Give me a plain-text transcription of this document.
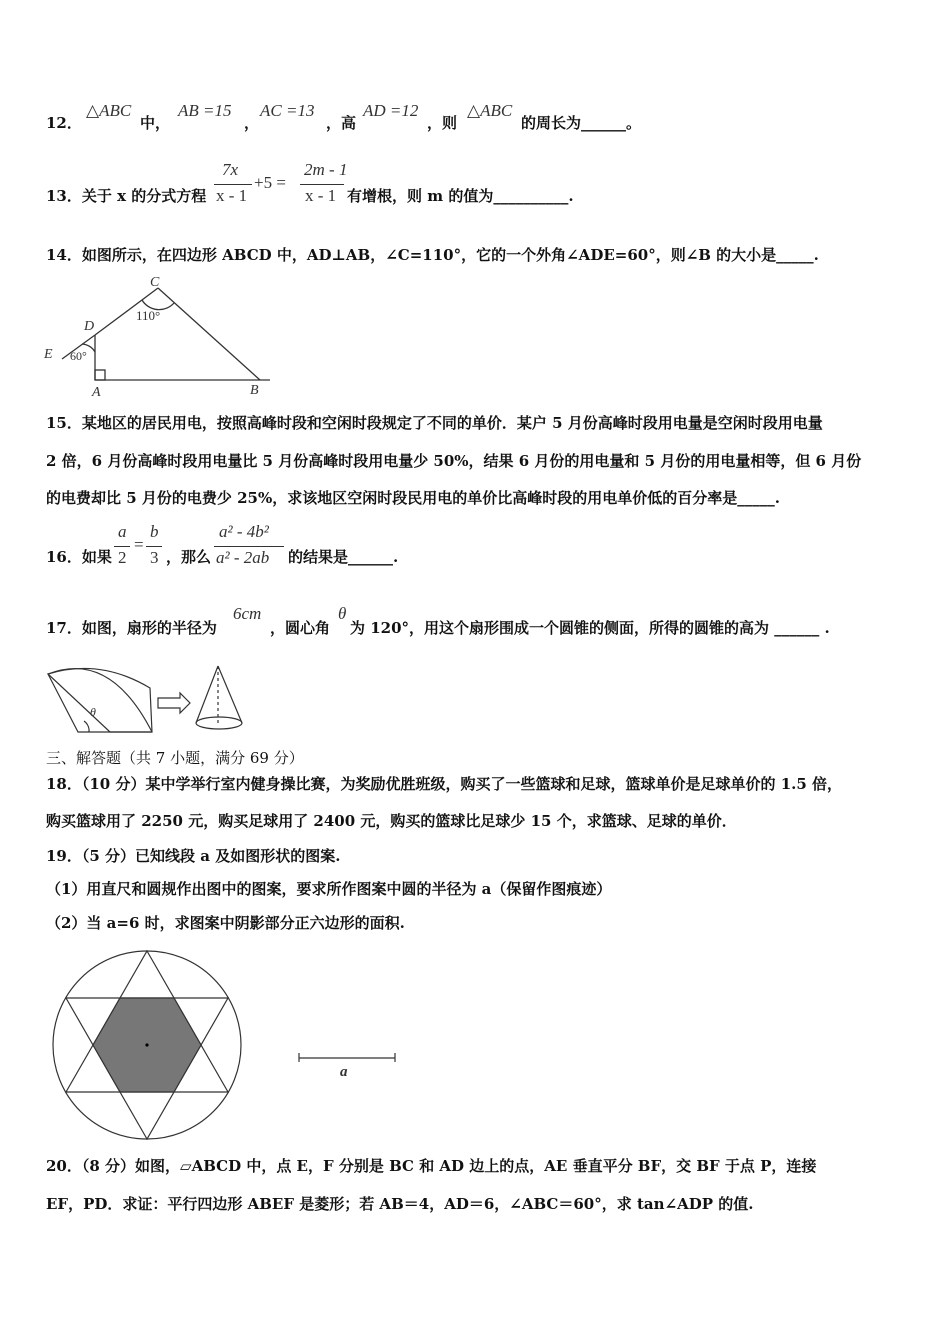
12．
△ABC
中，
AB =15
，
AC =13
，高
AD =12
，则
△ABC
的周长为______。
13．关于 x 的分式方程
7x
x - 1
+5 =
2m - 1
x - 1 有增根，则 m 的值为__________.
14．如图所示，在四边形 ABCD 中，AD⊥AB，∠C=110°，它的一个外角∠ADE=60°，则∠B 的大小是_____.
C
110°
D
E 60°
A	B
15．某地区的居民用电，按照高峰时段和空闲时段规定了不同的单价．某户 5 月份高峰时段用电量是空闲时段用电量
2 倍，6 月份高峰时段用电量比 5 月份高峰时段用电量少 50%，结果 6 月份的用电量和 5 月份的用电量相等，但 6 月份
的电费却比 5 月份的电费少 25%，求该地区空闲时段民用电的单价比高峰时段的用电单价低的百分率是_____.
16．如果
a
2
=
b
3 ，那么
a² - 4b²
a² - 2ab 的结果是______.
17．如图，扇形的半径为
6cm
，圆心角
θ
为 120°，用这个扇形围成一个圆锥的侧面，所得的圆锥的高为 ______ .
θ
三、解答题（共 7 小题，满分 69 分）
18．（10 分）某中学举行室内健身操比赛，为奖励优胜班级，购买了一些篮球和足球，篮球单价是足球单价的 1.5 倍，
购买篮球用了 2250 元，购买足球用了 2400 元，购买的篮球比足球少 15 个，求篮球、足球的单价．
19．（5 分）已知线段 a 及如图形状的图案.
（1）用直尺和圆规作出图中的图案，要求所作图案中圆的半径为 a（保留作图痕迹）
（2）当 a=6 时，求图案中阴影部分正六边形的面积.
a
20．（8 分）如图，▱ABCD 中，点 E，F 分别是 BC 和 AD 边上的点，AE 垂直平分 BF，交 BF 于点 P，连接
EF，PD．求证：平行四边形 ABEF 是菱形；若 AB＝4，AD＝6，∠ABC＝60°，求 tan∠ADP 的值.
